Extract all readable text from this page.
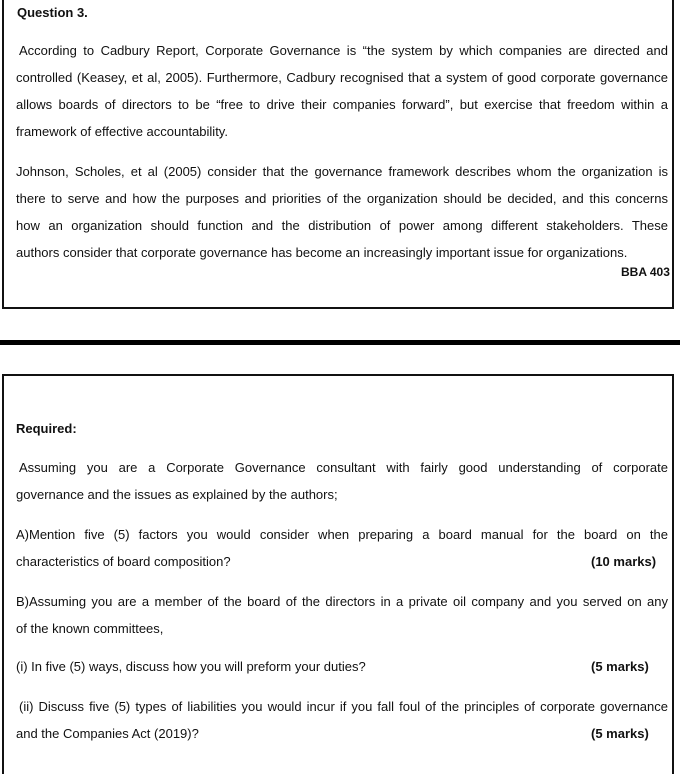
Question 3.
According to Cadbury Report, Corporate Governance is “the system by which companies are directed and
controlled (Keasey, et al, 2005). Furthermore, Cadbury recognised that a system of good corporate governance
allows boards of directors to be “free to drive their companies forward”, but exercise that freedom within a
framework of effective accountability.
Johnson, Scholes, et al (2005) consider that the governance framework describes whom the organization is
there to serve and how the purposes and priorities of the organization should be decided, and this concerns
how an organization should function and the distribution of power among different stakeholders. These
authors consider that corporate governance has become an increasingly important issue for organizations.
BBA 403
Required:
Assuming you are a Corporate Governance consultant with fairly good understanding of corporate
governance and the issues as explained by the authors;
A)Mention five (5) factors you would consider when preparing a board manual for the board on the
characteristics of board composition?	(10 marks)
B)Assuming you are a member of the board of the directors in a private oil company and you served on any
of the known committees,
(i) In five (5) ways, discuss how you will preform your duties?	(5 marks)
(ii) Discuss five (5) types of liabilities you would incur if you fall foul of the principles of corporate governance
and the Companies Act (2019)?	(5 marks)
